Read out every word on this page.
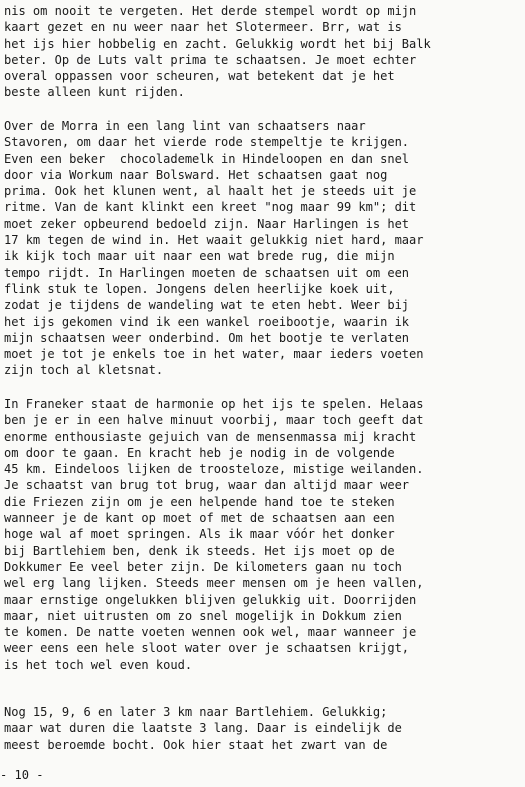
nis om nooit te vergeten. Het derde stempel wordt op mijn
kaart gezet en nu weer naar het Slotermeer. Brr, wat is
het ijs hier hobbelig en zacht. Gelukkig wordt het bij Balk
beter. Op de Luts valt prima te schaatsen. Je moet echter
overal oppassen voor scheuren, wat betekent dat je het
beste alleen kunt rijden.
Over de Morra in een lang lint van schaatsers naar
Stavoren, om daar het vierde rode stempeltje te krijgen.
Even een beker  chocolademelk in Hindeloopen en dan snel
door via Workum naar Bolsward. Het schaatsen gaat nog
prima. Ook het klunen went, al haalt het je steeds uit je
ritme. Van de kant klinkt een kreet "nog maar 99 km"; dit
moet zeker opbeurend bedoeld zijn. Naar Harlingen is het
17 km tegen de wind in. Het waait gelukkig niet hard, maar
ik kijk toch maar uit naar een wat brede rug, die mijn
tempo rijdt. In Harlingen moeten de schaatsen uit om een
flink stuk te lopen. Jongens delen heerlijke koek uit,
zodat je tijdens de wandeling wat te eten hebt. Weer bij
het ijs gekomen vind ik een wankel roeibootje, waarin ik
mijn schaatsen weer onderbind. Om het bootje te verlaten
moet je tot je enkels toe in het water, maar ieders voeten
zijn toch al kletsnat.
In Franeker staat de harmonie op het ijs te spelen. Helaas
ben je er in een halve minuut voorbij, maar toch geeft dat
enorme enthousiaste gejuich van de mensenmassa mij kracht
om door te gaan. En kracht heb je nodig in de volgende
45 km. Eindeloos lijken de troosteloze, mistige weilanden.
Je schaatst van brug tot brug, waar dan altijd maar weer
die Friezen zijn om je een helpende hand toe te steken
wanneer je de kant op moet of met de schaatsen aan een
hoge wal af moet springen. Als ik maar vóór het donker
bij Bartlehiem ben, denk ik steeds. Het ijs moet op de
Dokkumer Ee veel beter zijn. De kilometers gaan nu toch
wel erg lang lijken. Steeds meer mensen om je heen vallen,
maar ernstige ongelukken blijven gelukkig uit. Doorrijden
maar, niet uitrusten om zo snel mogelijk in Dokkum zien
te komen. De natte voeten wennen ook wel, maar wanneer je
weer eens een hele sloot water over je schaatsen krijgt,
is het toch wel even koud.
Nog 15, 9, 6 en later 3 km naar Bartlehiem. Gelukkig;
maar wat duren die laatste 3 lang. Daar is eindelijk de
meest beroemde bocht. Ook hier staat het zwart van de
- 10 -
